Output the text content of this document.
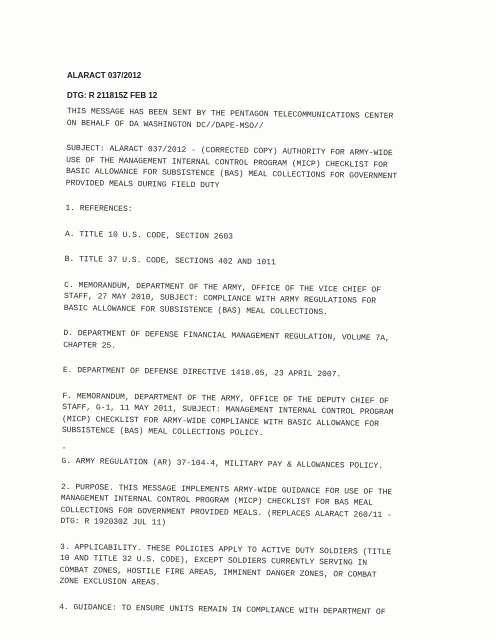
ALARACT 037/2012
DTG: R 211815Z FEB 12

THIS MESSAGE HAS BEEN SENT BY THE PENTAGON TELECOMMUNICATIONS CENTER
ON BEHALF OF DA WASHINGTON DC//DAPE-MSO//

SUBJECT: ALARACT 037/2012 - (CORRECTED COPY) AUTHORITY FOR ARMY-WIDE
USE OF THE MANAGEMENT INTERNAL CONTROL PROGRAM (MICP) CHECKLIST FOR
BASIC ALLOWANCE FOR SUBSISTENCE (BAS) MEAL COLLECTIONS FOR GOVERNMENT
PROVIDED MEALS DURING FIELD DUTY

1. REFERENCES:

A. TITLE 10 U.S. CODE, SECTION 2603

B. TITLE 37 U.S. CODE, SECTIONS 402 AND 1011

C. MEMORANDUM, DEPARTMENT OF THE ARMY, OFFICE OF THE VICE CHIEF OF
STAFF, 27 MAY 2010, SUBJECT: COMPLIANCE WITH ARMY REGULATIONS FOR
BASIC ALLOWANCE FOR SUBSISTENCE (BAS) MEAL COLLECTIONS.

D. DEPARTMENT OF DEFENSE FINANCIAL MANAGEMENT REGULATION, VOLUME 7A,
CHAPTER 25.

E. DEPARTMENT OF DEFENSE DIRECTIVE 1418.05, 23 APRIL 2007.

F. MEMORANDUM, DEPARTMENT OF THE ARMY, OFFICE OF THE DEPUTY CHIEF OF
STAFF, G-1, 11 MAY 2011, SUBJECT: MANAGEMENT INTERNAL CONTROL PROGRAM
(MICP) CHECKLIST FOR ARMY-WIDE COMPLIANCE WITH BASIC ALLOWANCE FOR
SUBSISTENCE (BAS) MEAL COLLECTIONS POLICY.

-

G. ARMY REGULATION (AR) 37-104-4, MILITARY PAY & ALLOWANCES POLICY.

2. PURPOSE. THIS MESSAGE IMPLEMENTS ARMY-WIDE GUIDANCE FOR USE OF THE
MANAGEMENT INTERNAL CONTROL PROGRAM (MICP) CHECKLIST FOR BAS MEAL
COLLECTIONS FOR GOVERNMENT PROVIDED MEALS. (REPLACES ALARACT 260/11 -
DTG: R 192030Z JUL 11)

3. APPLICABILITY. THESE POLICIES APPLY TO ACTIVE DUTY SOLDIERS (TITLE
10 AND TITLE 32 U.S. CODE), EXCEPT SOLDIERS CURRENTLY SERVING IN
COMBAT ZONES, HOSTILE FIRE AREAS, IMMINENT DANGER ZONES, OR COMBAT
ZONE EXCLUSION AREAS.

4. GUIDANCE: TO ENSURE UNITS REMAIN IN COMPLIANCE WITH DEPARTMENT OF
